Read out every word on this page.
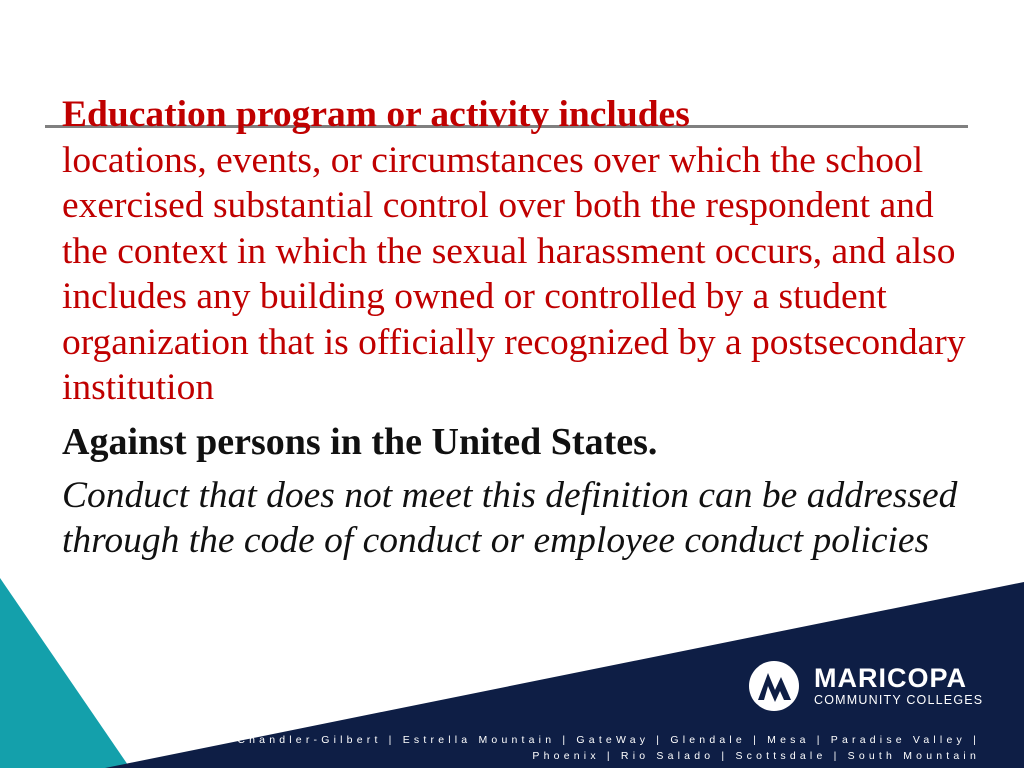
Education program or activity includes
locations, events, or circumstances over which the school exercised substantial control over both the respondent and the context in which the sexual harassment occurs, and also includes any building owned or controlled by a student organization that is officially recognized by a postsecondary institution

Against persons in the United States.

Conduct that does not meet this definition can be addressed through the code of conduct or employee conduct policies

MARICOPA
COMMUNITY COLLEGES
Chandler-Gilbert | Estrella Mountain | GateWay | Glendale | Mesa | Paradise Valley |
Phoenix | Rio Salado | Scottsdale | South Mountain
